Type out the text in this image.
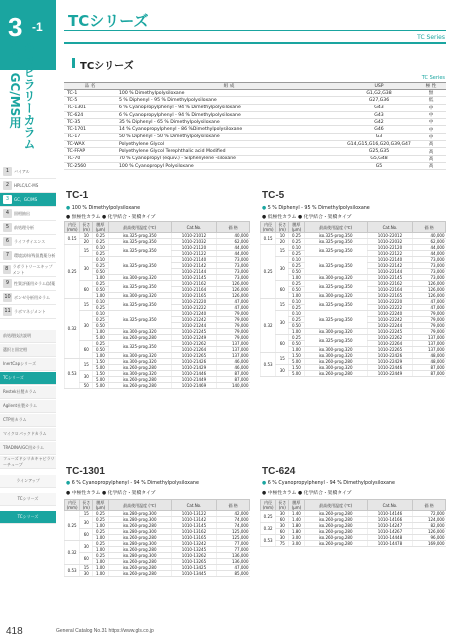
3 -1
GC、GC/MS用 キャピラリーカラム
1	バイアル
2	HPLC/LC-MS
3	GC、GC/MS
4	固相抽出
5	前処理分析
6	ライフサイエンス
7	環境試料/残留農薬分析
8	ラボラトリーエキップメント
9	性質評価用カラム/試薬
10 ボンゼ分析用カラム
11 ラボマネジメント
前処理技法説明
選択と固定相
InertCapシリーズ
TCシリーズ
Restek社製カラム
Agilent社製カラム
CTP用カラム
マイクロパックドカラム
TRADINA/GC用カラム
フューズドシリカキャピラリーチューブ
ラインアップ
TCシリーズ
TCシリーズ
418	General Catalog No.31 https://www.gls.co.jp
TCシリーズ
TC Series
TCシリーズ
TC Series
品 名	組 成	USP	極 性
TC-1	100 % Dimethylpolysiloxane	G1,G2,G38	無
TC-5	5 % Diphenyl - 95 % Dimethylpolysiloxane	G27,G36	低
TC-1301	6 % Cyanopropylphenyl - 94 % Dimethylpolysiloxane	G43	中
TC-624	6 % Cyanopropylphenyl - 94 % Dimethylpolysiloxane	G43	中
TC-35	35 % Diphenyl - 65 % Dimethylpolysiloxane	G42	中
TC-1701	14 % Cyanopropylphenyl - 86 %Dimethylpolysiloxane	G46	中
TC-17	50 % Diphenyl - 50 % Dimethylpolysiloxane	G3	中
TC-WAX	Polyethylene Glycol	G14,G15,G16,G20,G39,G47	高
TC-FFAP	Polyethylene Glycol Terephthalic acid Modified	G25,G35	高
TC-70	70 % Cyanopropyl (equiv.) - Silphenylene -siloxane	G5,G48	高
TC-2560	100 % Cyanopropyl Polysiloxane	G5	高
TC-1
● 100 % Dimethylpolysiloxane
● 無極性カラム ● 化学結合・架橋タイプ
内径(mm)	長さ(m)	膜厚(μm)	最高使用温度 (℃)	Cat.No.	価 格
0.15	10	0.25	iso.325-prog.350	1010-21012	40,000
	20	0.25	iso.325-prog.350	1010-21032	62,000
0.25	15	0.10	iso.325-prog.350	1010-21120	44,000
		0.25		1010-21122	44,000
	30	0.10	iso.325-prog.350	1010-21140	73,000
		0.25		1010-21142	73,000
		0.50		1010-21144	73,000
		1.00	iso.300-prog.320	1010-21145	73,000
	60	0.25	iso.325-prog.350	1010-21162	126,000
		0.50		1010-21164	126,000
		1.00	iso.300-prog.320	1010-21165	126,000
0.32	15	0.10	iso.325-prog.350	1010-21220	47,000
		0.25		1010-21222	47,000
	30	0.10	iso.325-prog.350	1010-21240	79,000
		0.25		1010-21242	79,000
		0.50		1010-21244	79,000
		1.00	iso.300-prog.320	1010-21245	79,000
		5.00	iso.260-prog.280	1010-21249	79,000
	60	0.25	iso.325-prog.350	1010-21262	137,000
		0.50		1010-21264	137,000
		1.00	iso.300-prog.320	1010-21265	137,000
0.53	15	1.50	iso.300-prog.320	1010-21426	46,000
		5.00	iso.260-prog.280	1010-21429	46,000
	30	1.50	iso.300-prog.320	1010-21446	87,000
		5.00	iso.260-prog.280	1010-21449	87,000
	50	5.00	iso.260-prog.280	1010-21469	140,000
TC-5
● 5 % Diphenyl - 95 % Dimethylpolysiloxane
● 低極性カラム ● 化学結合・架橋タイプ
内径(mm)	長さ(m)	膜厚(μm)	最高使用温度 (℃)	Cat.No.	価 格
0.15	10	0.25	iso.325-prog.350	1010-22012	40,000
	20	0.25	iso.325-prog.350	1010-22032	62,000
0.25	15	0.10	iso.325-prog.350	1010-22120	44,000
		0.25		1010-22122	44,000
	30	0.10	iso.325-prog.350	1010-22140	73,000
		0.25		1010-22142	73,000
		0.50		1010-22144	73,000
		1.00	iso.300-prog.320	1010-22145	73,000
	60	0.25	iso.325-prog.350	1010-22162	126,000
		0.50		1010-22164	126,000
		1.00	iso.300-prog.320	1010-22165	126,000
0.32	15	0.10	iso.325-prog.350	1010-22220	47,000
		0.25		1010-22222	47,000
	30	0.10	iso.325-prog.350	1010-22240	79,000
		0.25		1010-22242	79,000
		0.50		1010-22244	79,000
		1.00	iso.300-prog.320	1010-22245	79,000
	60	0.25	iso.325-prog.350	1010-22262	137,000
		0.50		1010-22264	137,000
		1.00	iso.300-prog.320	1010-22265	137,000
0.53	15	1.50	iso.300-prog.320	1010-22426	48,000
		5.00	iso.260-prog.280	1010-22429	48,000
	30	1.50	iso.300-prog.320	1010-22446	87,000
		5.00	iso.260-prog.280	1010-22449	87,000
TC-1301
● 6 % Cyanopropylphenyl - 94 % Dimethylpolysiloxane
● 中極性カラム ● 化学結合・架橋タイプ
内径(mm)	長さ(m)	膜厚(μm)	最高使用温度 (℃)	Cat.No.	価 格
0.25	15	0.25	iso.280-prog.300	1010-13122	42,000
	30	0.25	iso.280-prog.300	1010-13142	74,000
		1.00	iso.260-prog.280	1010-13145	74,000
	60	0.25	iso.280-prog.300	1010-13162	125,000
		1.00	iso.260-prog.280	1010-13165	125,000
0.32	30	0.25	iso.280-prog.300	1010-13242	77,000
		1.00	iso.260-prog.280	1010-13245	77,000
	60	0.25	iso.280-prog.300	1010-13262	136,000
		1.00	iso.260-prog.280	1010-13265	136,000
0.53	15	1.00	iso.260-prog.280	1010-13425	47,000
	30	1.00	iso.260-prog.280	1010-13445	85,000
TC-624
● 6 % Cyanopropylphenyl - 94 % Dimethylpolysiloxane
● 中極性カラム ● 化学結合・架橋タイプ
内径(mm)	長さ(m)	膜厚(μm)	最高使用温度 (℃)	Cat.No.	価 格
0.25	30	1.40	iso.260-prog.280	1010-14146	72,000
	60	1.40	iso.260-prog.280	1010-14166	124,000
0.32	30	1.80	iso.260-prog.280	1010-14247	82,000
	60	1.80	iso.260-prog.280	1010-14267	126,000
0.53	30	3.00	iso.260-prog.280	1010-14448	96,000
	75	3.00	iso.260-prog.280	1010-14478	169,000
